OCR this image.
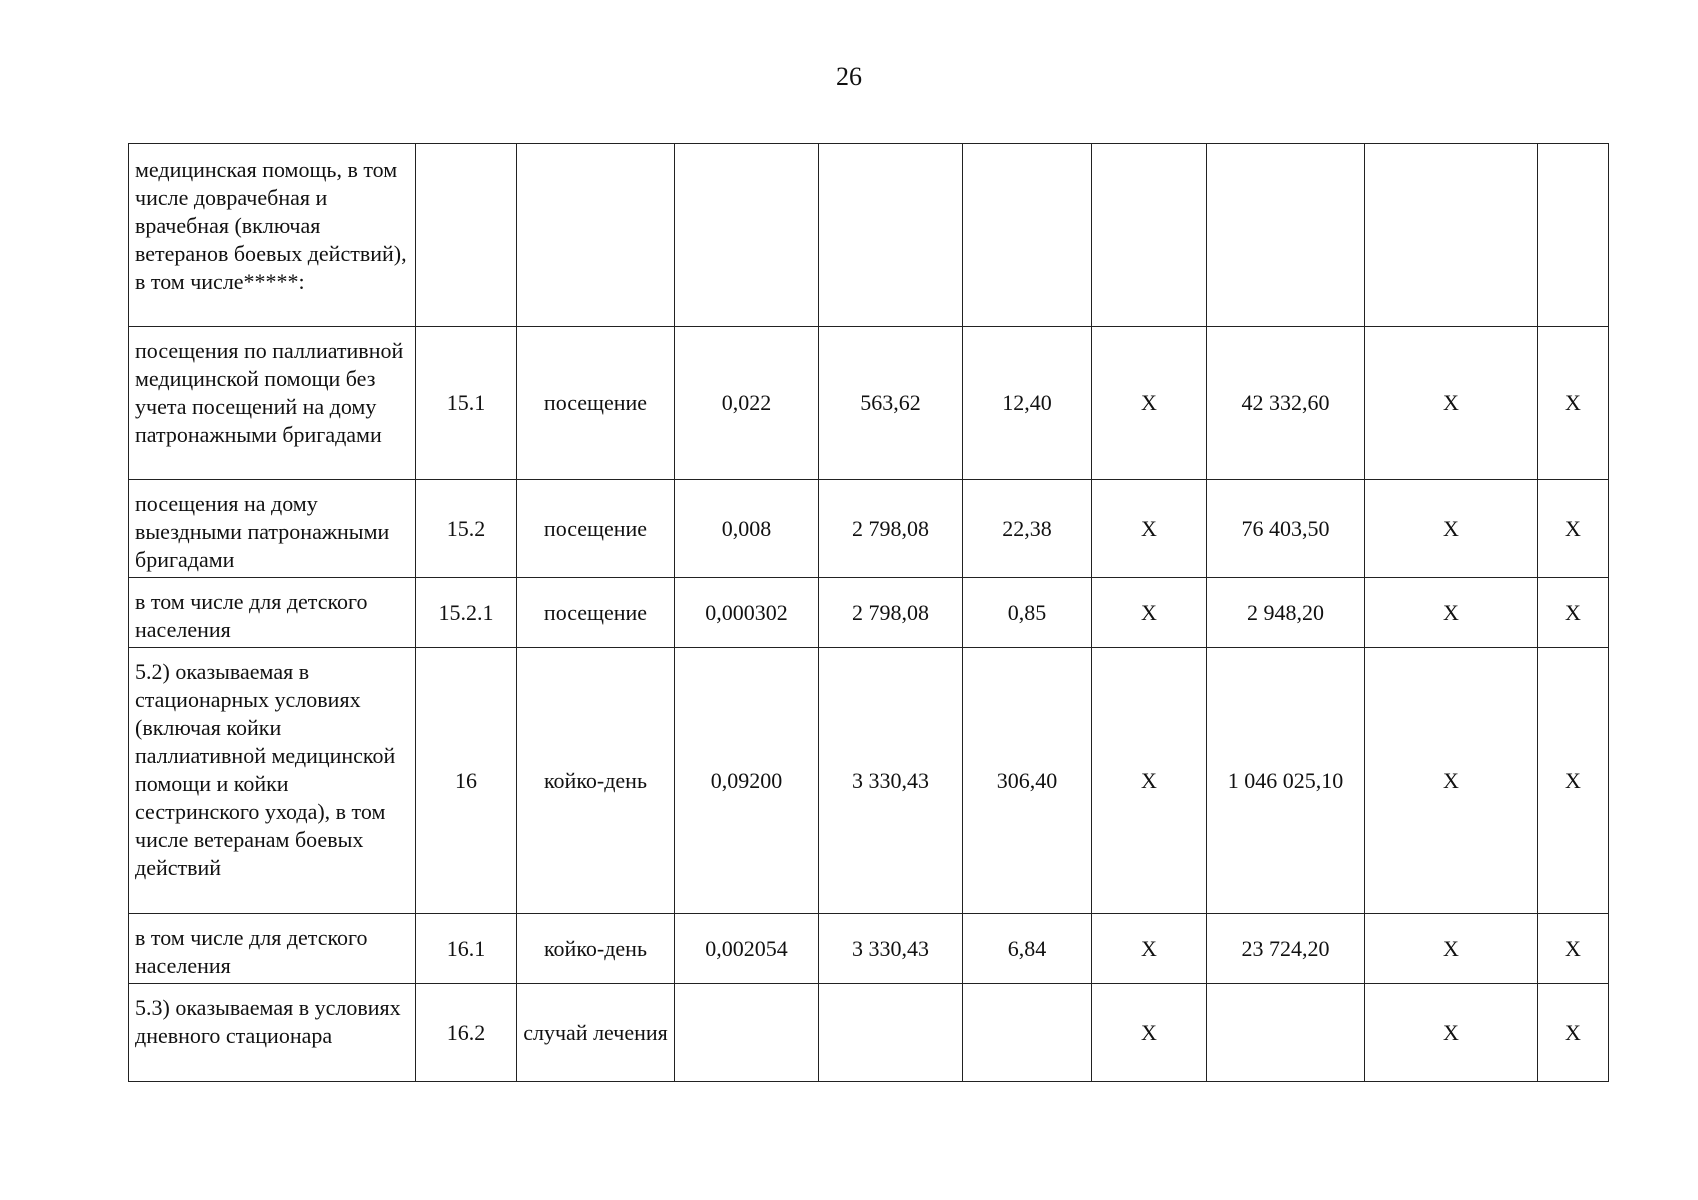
26
медицинская помощь, в том числе доврачебная и врачебная (включая ветеранов боевых действий), в том числе*****:									
посещения по паллиативной медицинской помощи без учета посещений на дому патронажными бригадами	15.1	посещение	0,022	563,62	12,40	X	42 332,60	X	X
посещения на дому выездными патронажными бригадами	15.2	посещение	0,008	2 798,08	22,38	X	76 403,50	X	X
в том числе для детского населения	15.2.1	посещение	0,000302	2 798,08	0,85	X	2 948,20	X	X
5.2) оказываемая в стационарных условиях (включая койки паллиативной медицинской помощи и койки сестринского ухода), в том числе ветеранам боевых действий	16	койко-день	0,09200	3 330,43	306,40	X	1 046 025,10	X	X
в том числе для детского населения	16.1	койко-день	0,002054	3 330,43	6,84	X	23 724,20	X	X
5.3) оказываемая в условиях дневного стационара	16.2	случай лечения				X		X	X
